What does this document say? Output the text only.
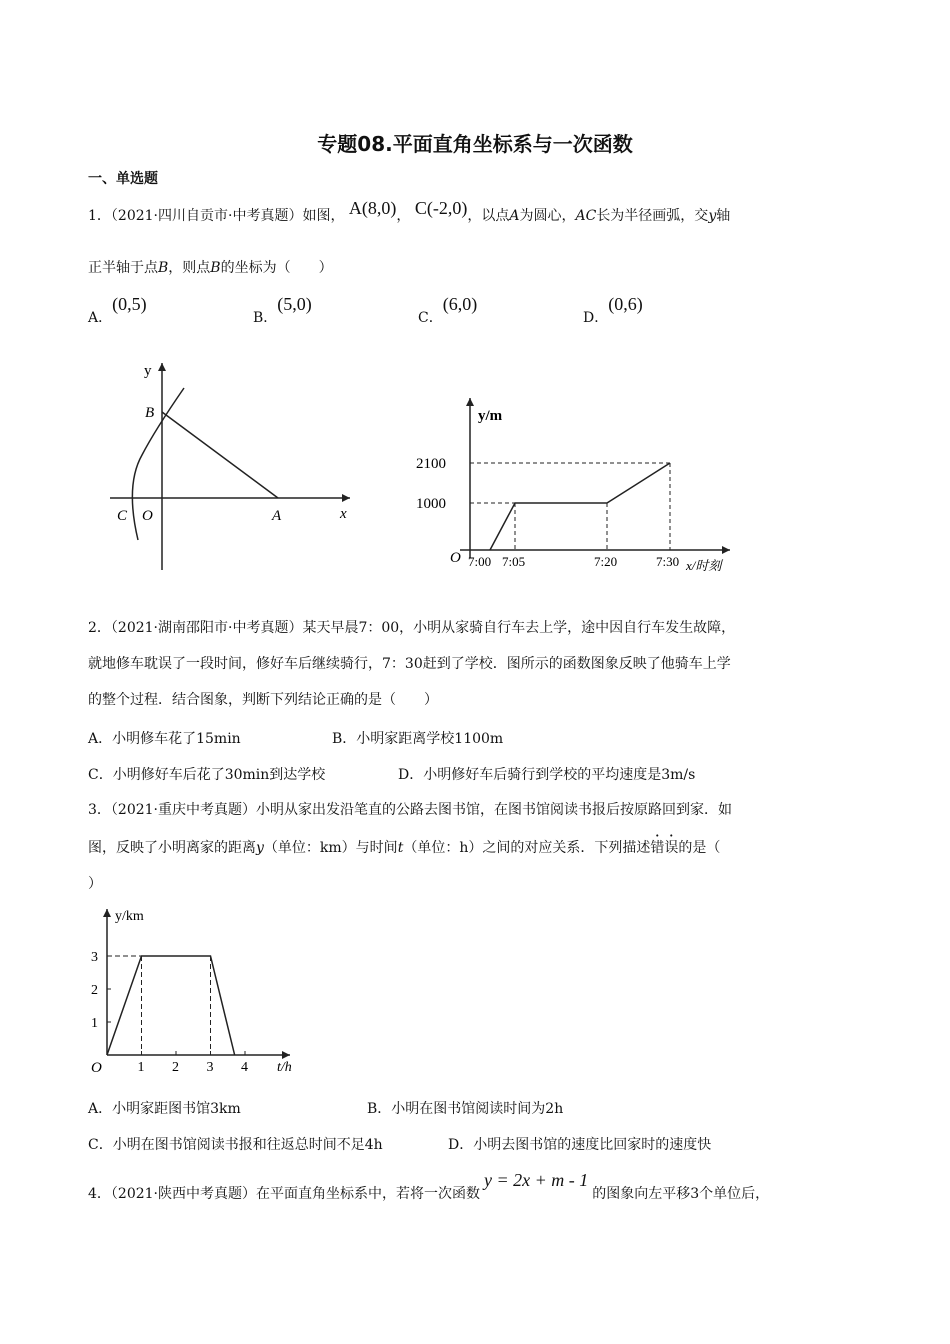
专题08.平面直角坐标系与一次函数
一、单选题
1．（2021·四川自贡市·中考真题）如图， A(8,0)， C(-2,0)，以点A为圆心，AC长为半径画弧，交y轴
正半轴于点B，则点B的坐标为（　　）
A．(0,5)
B．(5,0)
C．(6,0)
D．(0,6)
y
x
B
C O	A
y/m
2100
1000
O 7:00 7:05	7:20	7:30 x/时刻
2．（2021·湖南邵阳市·中考真题）某天早晨7：00，小明从家骑自行车去上学，途中因自行车发生故障，
就地修车耽误了一段时间，修好车后继续骑行，7：30赶到了学校．图所示的函数图象反映了他骑车上学
的整个过程．结合图象，判断下列结论正确的是（　　）
A．小明修车花了15min	B．小明家距离学校1100m
C．小明修好车后花了30min到达学校	D．小明修好车后骑行到学校的平均速度是3m/s
3．（2021·重庆中考真题）小明从家出发沿笔直的公路去图书馆，在图书馆阅读书报后按原路回到家．如
图，反映了小明离家的距离y（单位：km）与时间t（单位：h）之间的对应关系．下列描述错误的是（
）
y/km
O	t/h
1 2 3 4
3
2
1
A．小明家距图书馆3km	B．小明在图书馆阅读时间为2h
C．小明在图书馆阅读书报和往返总时间不足4h	D．小明去图书馆的速度比回家时的速度快
4．（2021·陕西中考真题）在平面直角坐标系中，若将一次函数y = 2x + m - 1的图象向左平移3个单位后，
